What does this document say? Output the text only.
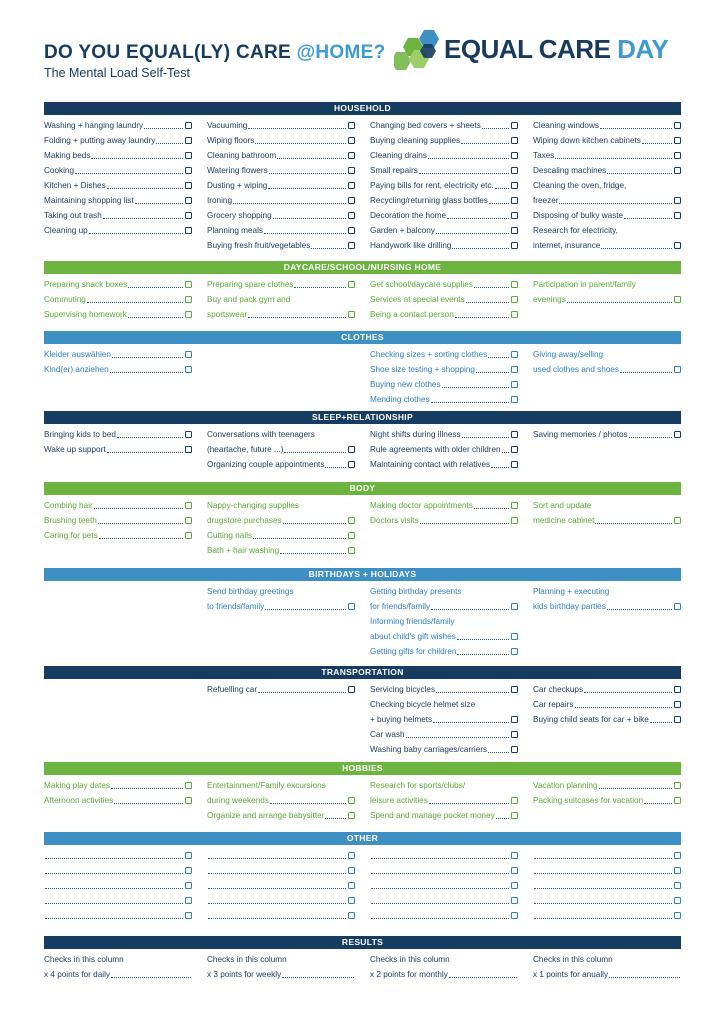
DO YOU EQUAL(LY) CARE @HOME?
The Mental Load Self-Test
EQUAL CARE DAY
HOUSEHOLD
Washing + hanging laundry
Folding + putting away laundry
Making beds
Cooking
Kitchen + Dishes
Maintaining shopping list
Taking out trash
Cleaning up
Vacuuming
Wiping floors
Cleaning bathroom
Watering flowers
Dusting + wiping
Ironing
Grocery shopping
Planning meals
Buying fresh fruit/vegetables
Changing bed covers + sheets
Buying cleaning supplies
Cleaning drains
Small repairs
Paying bills for rent, electricity etc.
Recycling/returning glass bottles
Decoration the home
Garden + balcony
Handywork like drilling
Cleaning windows
Wiping down kitchen cabinets
Taxes
Descaling machines
Cleaning the oven, fridge,
freezer
Disposing of bulky waste
Research for electricity,
internet, insurance
DAYCARE/SCHOOL/NURSING HOME
Preparing snack boxes
Commuting
Supervising homework
Preparing spare clothes
Buy and pack gym and
sportswear
Get school/daycare supplies
Services at special events
Being a contact person
Participation in parent/family
evenings
CLOTHES
Kleider auswählen
Kind(er) anziehen
Checking sizes + sorting clothes
Shoe size testing + shopping
Buying new clothes
Mending clothes
Giving away/selling
used clothes and shoes
SLEEP+RELATIONSHIP
Bringing kids to bed
Wake up support
Conversations with teenagers
(heartache, future ...)
Organizing couple appointments
Night shifts during illness
Rule agreements with older children
Maintaining contact with relatives
Saving memories / photos
BODY
Combing hair
Brushing teeth
Caring for pets
Nappy-changing supplies
drugstore purchases
Cutting nails
Bath + hair washing
Making doctor appointments
Doctors visits
Sort and update
medicine cabinet
BIRTHDAYS + HOLIDAYS
Send birthday greetings
to friends/family
Getting birthday presents
for friends/family
Informing friends/family
about child's gift wishes
Getting gifts for children
Planning + executing
kids birthday parties
TRANSPORTATION
Refuelling car	Servicing bicycles
Checking bicycle helmet size
+ buying helmets
Car wash
Washing baby carriages/carriers
Car checkups
Car repairs
Buying child seats for car + bike
HOBBIES
Making play dates
Afternoon activities
Entertainment/Family excursions
during weekends
Organize and arrange babysitter
Research for sports/clubs/
leisure activities
Spend and manage pocket money
Vacation planning
Packing suitcases for vacation
OTHER
RESULTS
Checks in this column
x 4 points for daily
Checks in this column
x 3 points for weekly
Checks in this column
x 2 points for monthly
Checks in this column
x 1 points for anually
